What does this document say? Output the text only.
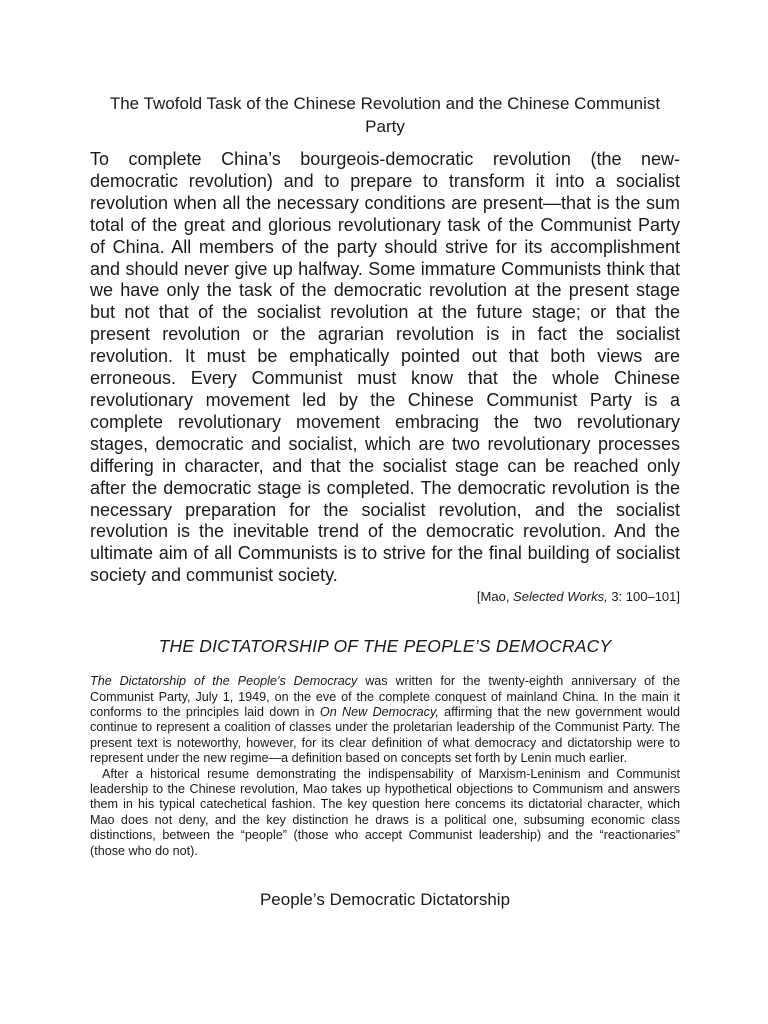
The Twofold Task of the Chinese Revolution and the Chinese Communist Party

To complete China’s bourgeois-democratic revolution (the new-democratic revolution) and to prepare to transform it into a socialist revolution when all the necessary conditions are present—that is the sum total of the great and glorious revolutionary task of the Communist Party of China. All members of the party should strive for its accomplishment and should never give up halfway. Some immature Communists think that we have only the task of the democratic revolution at the present stage but not that of the socialist revolution at the future stage; or that the present revolution or the agrarian revolution is in fact the socialist revolution. It must be emphatically pointed out that both views are erroneous. Every Communist must know that the whole Chinese revolutionary movement led by the Chinese Communist Party is a complete revolutionary movement embracing the two revolutionary stages, democratic and socialist, which are two revolutionary processes differing in character, and that the socialist stage can be reached only after the democratic stage is completed. The democratic revolution is the necessary preparation for the socialist revolution, and the socialist revolution is the inevitable trend of the democratic revolution. And the ultimate aim of all Communists is to strive for the final building of socialist society and communist society.

[Mao, Selected Works, 3: 100–101]

THE DICTATORSHIP OF THE PEOPLE’S DEMOCRACY

The Dictatorship of the People’s Democracy was written for the twenty-eighth anniversary of the Communist Party, July 1, 1949, on the eve of the complete conquest of mainland China. In the main it conforms to the principles laid down in On New Democracy, affirming that the new government would continue to represent a coalition of classes under the proletarian leadership of the Communist Party. The present text is noteworthy, however, for its clear definition of what democracy and dictatorship were to represent under the new regime—a definition based on concepts set forth by Lenin much earlier.

After a historical resume demonstrating the indispensability of Marxism-Leninism and Communist leadership to the Chinese revolution, Mao takes up hypothetical objections to Communism and answers them in his typical catechetical fashion. The key question here concems its dictatorial character, which Mao does not deny, and the key distinction he draws is a political one, subsuming economic class distinctions, between the “people” (those who accept Communist leadership) and the “reactionaries” (those who do not).

People’s Democratic Dictatorship
